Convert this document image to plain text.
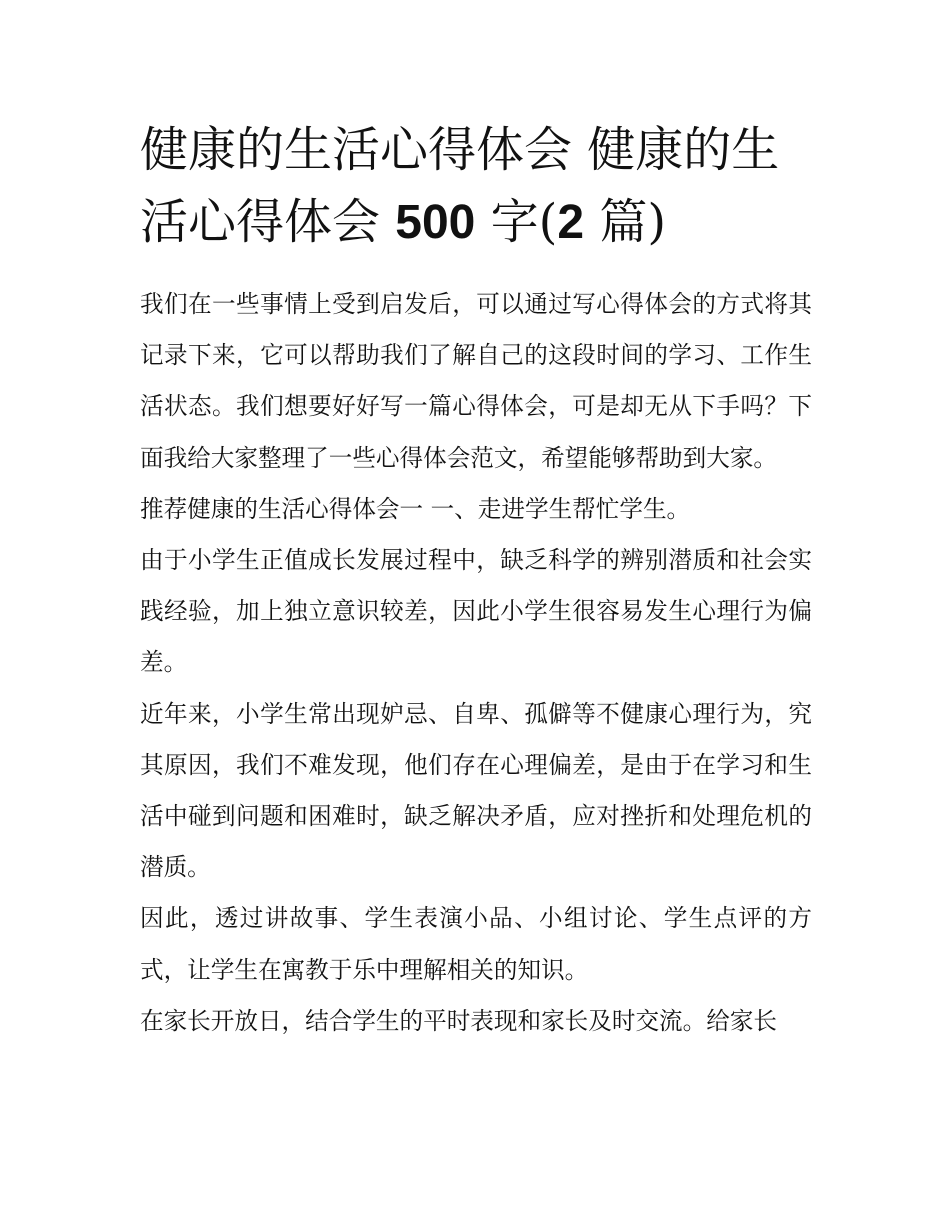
健康的生活心得体会 健康的生活心得体会 500 字(2 篇)

我们在一些事情上受到启发后，可以通过写心得体会的方式将其记录下来，它可以帮助我们了解自己的这段时间的学习、工作生活状态。我们想要好好写一篇心得体会，可是却无从下手吗？下面我给大家整理了一些心得体会范文，希望能够帮助到大家。

推荐健康的生活心得体会一 一、走进学生帮忙学生。

由于小学生正值成长发展过程中，缺乏科学的辨别潜质和社会实践经验，加上独立意识较差，因此小学生很容易发生心理行为偏差。

近年来，小学生常出现妒忌、自卑、孤僻等不健康心理行为，究其原因，我们不难发现，他们存在心理偏差，是由于在学习和生活中碰到问题和困难时，缺乏解决矛盾，应对挫折和处理危机的潜质。

因此，透过讲故事、学生表演小品、小组讨论、学生点评的方式，让学生在寓教于乐中理解相关的知识。

在家长开放日，结合学生的平时表现和家长及时交流。给家长
